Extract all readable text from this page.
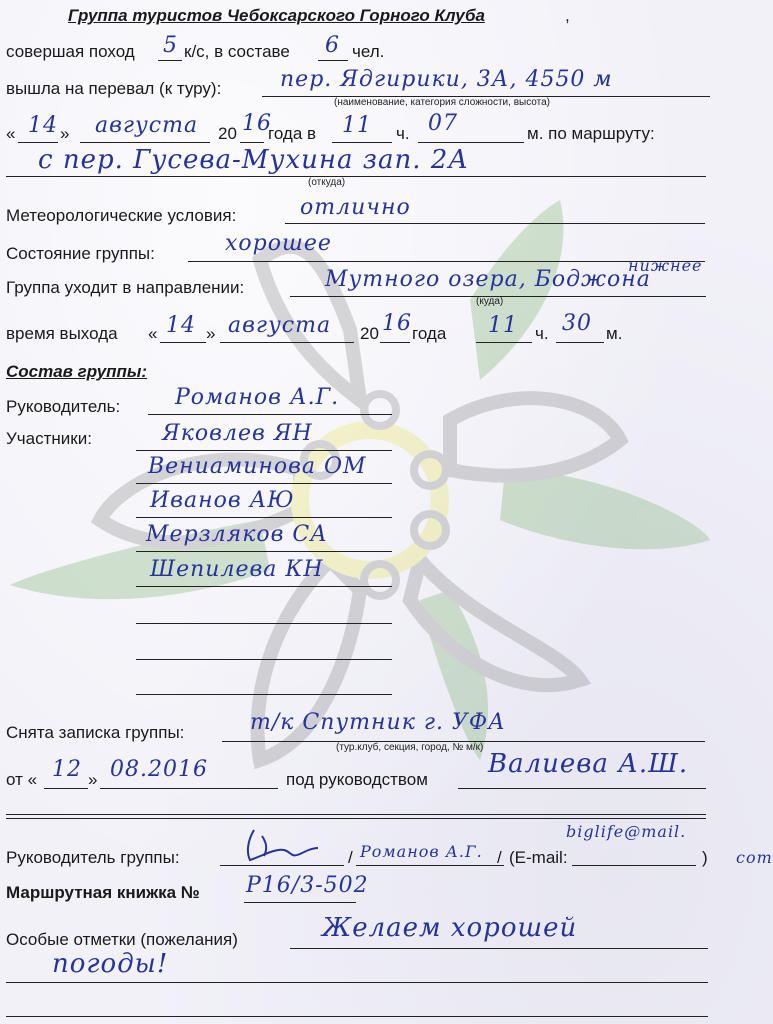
Группа туристов Чебоксарского Горного Клуба	,
совершая поход 5 к/с, в составе 6 чел.
вышла на перевал (к туру):	пер. Ядгирики, 3А, 4550 м
(наименование, категория сложности, высота)
« 14 » августа 20 16
года в 11 ч. 07	м. по маршруту:
с пер. Гусева-Мухина зап. 2А
(откуда)
Метеорологические условия:	отлично
Состояние группы:	хорошее
Группа уходит в направлении:	Мутного озера, Боджона
нижнее
(куда)
время выхода « 14 » августа 20 16 года 11 ч. 30 м.
Состав группы:
Руководитель: Романов А.Г.
Участники:	Яковлев ЯН
Вениаминова ОМ
Иванов АЮ
Мерзляков СА
Шепилева КН
Снята записка группы:	т/к Спутник г. УФА
(тур.клуб, секция, город, № м/к)
от « 12 » 08.2016	под руководством
Валиева А.Ш.
Руководитель группы:	/ Романов А.Г. / (E-mail:
biglife@mail.
com
)
Маршрутная книжка № Р16/3-502
Особые отметки (пожелания)	Желаем хорошей
погоды!
